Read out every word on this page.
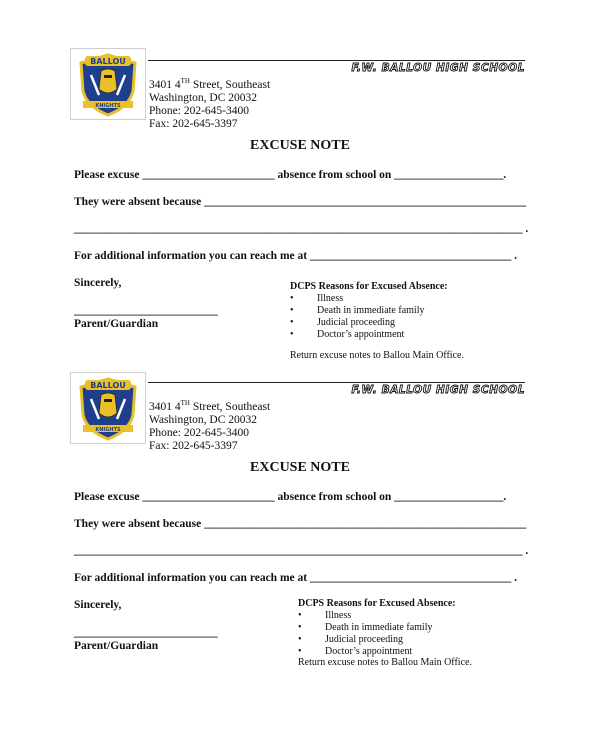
BALLOU
KNIGHTS
F.W. BALLOU HIGH SCHOOL
3401 4TH Street, Southeast
Washington, DC 20032
Phone: 202-645-3400
Fax: 202-645-3397
EXCUSE NOTE
Please excuse _______________________ absence from school on ___________________.
They were absent because ________________________________________________________
______________________________________________________________________________ .
For additional information you can reach me at ___________________________________ .
Sincerely,
_________________________
Parent/Guardian
DCPS Reasons for Excused Absence:
• Illness
• Death in immediate family
• Judicial proceeding
• Doctor’s appointment
Return excuse notes to Ballou Main Office.
BALLOU
KNIGHTS
F.W. BALLOU HIGH SCHOOL
3401 4TH Street, Southeast
Washington, DC 20032
Phone: 202-645-3400
Fax: 202-645-3397
EXCUSE NOTE
Please excuse _______________________ absence from school on ___________________.
They were absent because ________________________________________________________
______________________________________________________________________________ .
For additional information you can reach me at ___________________________________ .
Sincerely,
_________________________
Parent/Guardian
DCPS Reasons for Excused Absence:
• Illness
• Death in immediate family
• Judicial proceeding
• Doctor’s appointment
Return excuse notes to Ballou Main Office.
